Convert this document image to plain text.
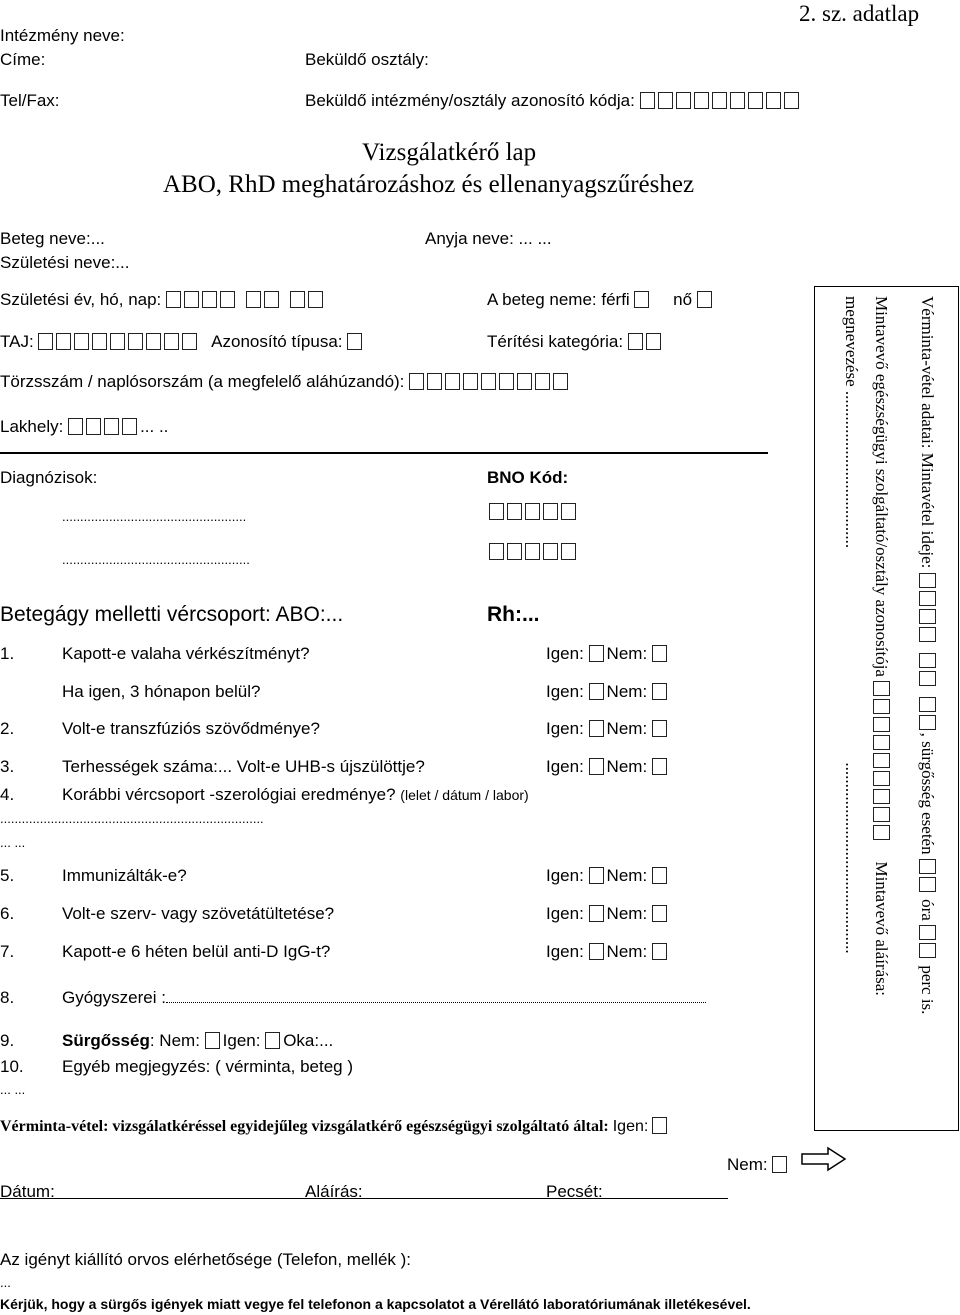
2. sz. adatlap
Intézmény neve:
Címe:	Beküldő osztály:
Tel/Fax:	Beküldő intézmény/osztály azonosító kódja:
Vizsgálatkérő lap
ABO, RhD meghatározáshoz és ellenanyagszűréshez
Beteg neve:...	Anyja neve: ... ...
Születési neve:...
Születési év, hó, nap:	A beteg neme: férfi	nő
TAJ:	Azonosító típusa:	Térítési kategória:
Törzsszám / naplósorszám (a megfelelő aláhúzandó):
Lakhely:	... ..
Diagnózisok:	BNO Kód:
...................................................
....................................................
Betegágy melletti vércsoport: ABO:...	Rh:...
1.	Kapott-e valaha vérkészítményt?	Igen: Nem:
Ha igen, 3 hónapon belül?	Igen: Nem:
2.	Volt-e transzfúziós szövődménye?	Igen: Nem:
3.	Terhességek száma:... Volt-e UHB-s újszülöttje?	Igen: Nem:
4.	Korábbi vércsoport -szerológiai eredménye? (lelet / dátum / labor)
.........................................................................
... ...
5.	Immunizálták-e?	Igen: Nem:
6.	Volt-e szerv- vagy szövetátültetése?	Igen: Nem:
7.	Kapott-e 6 héten belül anti-D IgG-t?	Igen: Nem:
8.	Gyógyszerei :
9.	Sürgősség: Nem: Igen: Oka:...
10. Egyéb megjegyzés: ( vérminta, beteg )
... ...
Vérminta-vétel: vizsgálatkéréssel egyidejűleg vizsgálatkérő egészségügyi szolgáltató által: Igen:
Nem:
Dátum:	Aláírás:	Pecsét:
Az igényt kiállító orvos elérhetősége (Telefon, mellék ):
...
Kérjük, hogy a sürgős igények miatt vegye fel telefonon a kapcsolatot a Vérellátó laboratóriumának illetékesével.
Vérminta-vétel adatai: Mintavétel ideje: , sürgősség esetén  óra  perc is.
Mintavevő egészségügyi szolgáltató/osztály azonosítója  Mintavevő aláírása:
megnevezése ..................................... .............................................
